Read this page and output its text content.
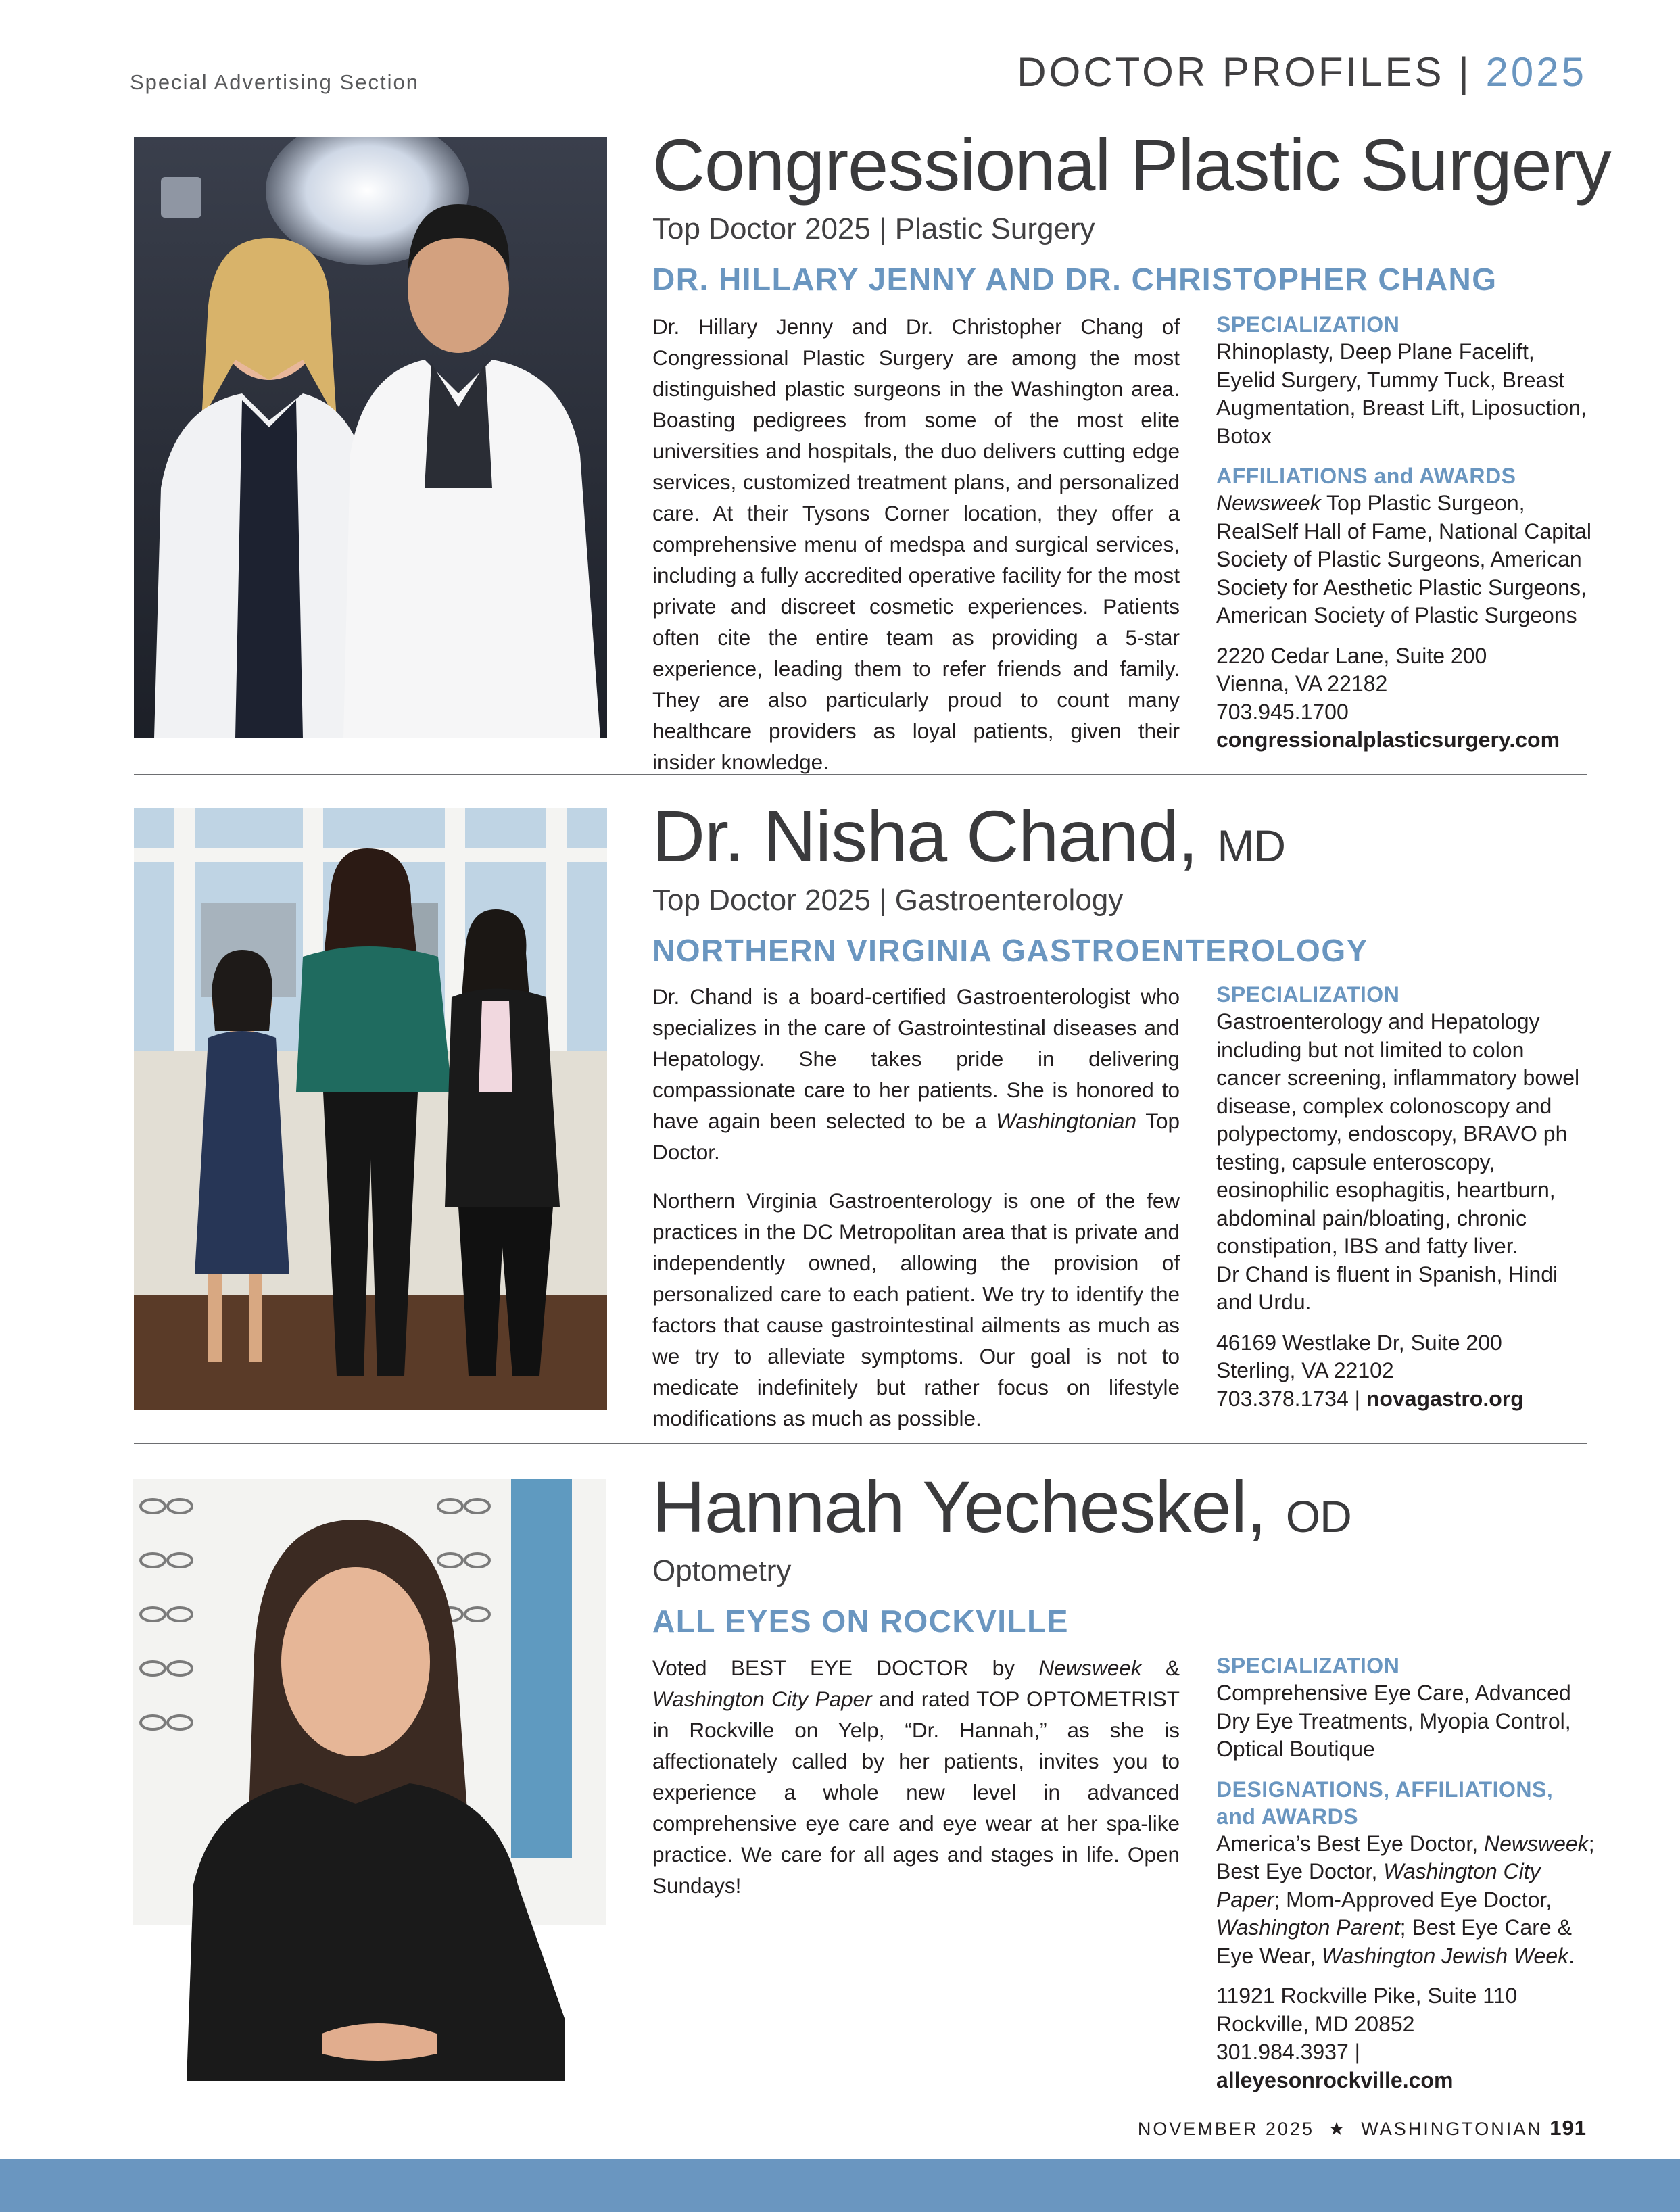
Special Advertising Section	DOCTOR PROFILES | 2025
Congressional Plastic Surgery
Top Doctor 2025 | Plastic Surgery
DR. HILLARY JENNY AND DR. CHRISTOPHER CHANG

Dr. Hillary Jenny and Dr. Christopher Chang of Congressional Plastic Surgery are among the most distinguished plastic surgeons in the Washington area. Boasting pedigrees from some of the most elite universities and hospitals, the duo delivers cutting edge services, customized treatment plans, and personalized care. At their Tysons Corner location, they offer a comprehensive menu of medspa and surgical services, including a fully accredited operative facility for the most private and discreet cosmetic experiences. Patients often cite the entire team as providing a 5-star experience, leading them to refer friends and family. They are also particularly proud to count many healthcare providers as loyal patients, given their insider knowledge.

SPECIALIZATION
Rhinoplasty, Deep Plane Facelift, Eyelid Surgery, Tummy Tuck, Breast Augmentation, Breast Lift, Liposuction, Botox
AFFILIATIONS and AWARDS
Newsweek Top Plastic Surgeon, RealSelf Hall of Fame, National Capital Society of Plastic Surgeons, American Society for Aesthetic Plastic Surgeons, American Society of Plastic Surgeons
2220 Cedar Lane, Suite 200
Vienna, VA 22182
703.945.1700
congressionalplasticsurgery.com
Dr. Nisha Chand, MD
Top Doctor 2025 | Gastroenterology
NORTHERN VIRGINIA GASTROENTEROLOGY

Dr. Chand is a board-certified Gastroenterologist who specializes in the care of Gastrointestinal diseases and Hepatology. She takes pride in delivering compassionate care to her patients. She is honored to have again been selected to be a Washingtonian Top Doctor.

Northern Virginia Gastroenterology is one of the few practices in the DC Metropolitan area that is private and independently owned, allowing the provision of personalized care to each patient. We try to identify the factors that cause gastrointestinal ailments as much as we try to alleviate symptoms. Our goal is not to medicate indefinitely but rather focus on lifestyle modifications as much as possible.

SPECIALIZATION
Gastroenterology and Hepatology including but not limited to colon cancer screening, inflammatory bowel disease, complex colonoscopy and polypectomy, endoscopy, BRAVO ph testing, capsule enteroscopy, eosinophilic esophagitis, heartburn, abdominal pain/bloating, chronic constipation, IBS and fatty liver.
Dr Chand is fluent in Spanish, Hindi and Urdu.
46169 Westlake Dr, Suite 200
Sterling, VA 22102
703.378.1734 | novagastro.org
Hannah Yecheskel, OD
Optometry
ALL EYES ON ROCKVILLE

Voted BEST EYE DOCTOR by Newsweek & Washington City Paper and rated TOP OPTOMETRIST in Rockville on Yelp, “Dr. Hannah,” as she is affectionately called by her patients, invites you to experience a whole new level in advanced comprehensive eye care and eye wear at her spa-like practice. We care for all ages and stages in life. Open Sundays!

SPECIALIZATION
Comprehensive Eye Care, Advanced Dry Eye Treatments, Myopia Control, Optical Boutique
DESIGNATIONS, AFFILIATIONS, and AWARDS
America’s Best Eye Doctor, Newsweek; Best Eye Doctor, Washington City Paper; Mom-Approved Eye Doctor, Washington Parent; Best Eye Care & Eye Wear, Washington Jewish Week.
11921 Rockville Pike, Suite 110
Rockville, MD 20852
301.984.3937 | alleyesonrockville.com
NOVEMBER 2025 ★ WASHINGTONIAN 191
